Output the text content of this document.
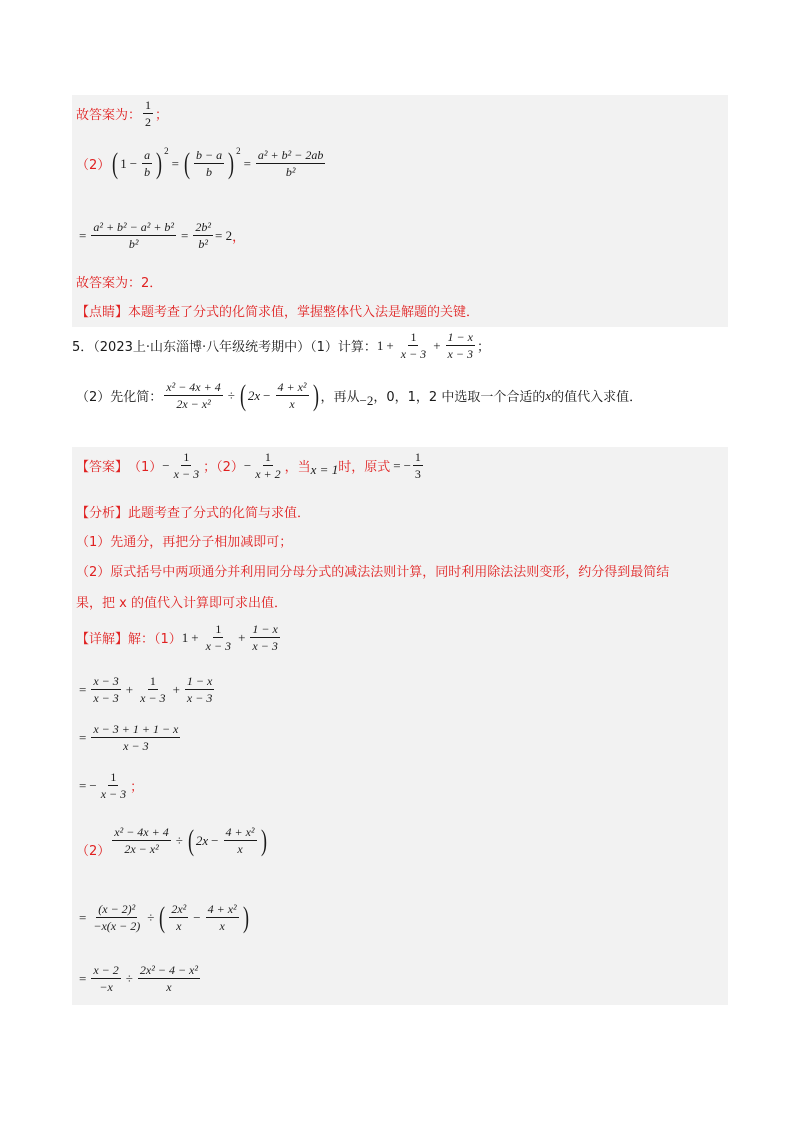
故答案为： $\frac{1}{2}$ ；
（2） ( $1 - \frac{a}{b}$ ) 2
= ( $\frac{b - a}{b}$ ) 2
= $\frac{\text{a² + b² − 2ab}}{\text{b²}}$
= $\frac{\text{a² + b² − a² + b²}}{\text{b²}} = \frac{\text{2b²}}{\text{b²}} = 2$ ，
故答案为：2．
【点睛】本题考查了分式的化简求值，掌握整体代入法是解题的关键．
5．（2023上·山东淄博·八年级统考期中）（1）计算： $1 + \frac{1}{x - 3} + \frac{1 - x}{x - 3}$ ；
（2）先化简： $\frac{\text{x² − 4x + 4}}{\text{2x − x²}}$ ÷ ( $2x - \frac{\text{4 + x²}}{x}$ ) ，再从 −2 ，0，1，2 中选取一个合适的 x 的值代入求值．
【答案】 $(1) - \frac{1}{x - 3}$ ；$(2) - \frac{1}{x + 2}$ ，当 x = 1 时，原式 = − $\frac{1}{3}$
【分析】此题考查了分式的化简与求值．
（1）先通分，再把分子相加减即可；
（2）原式括号中两项通分并利用同分母分式的减法法则计算，同时利用除法法则变形，约分得到最简结
果，把 x 的值代入计算即可求出值．
【详解】解：（1） $1 + \frac{1}{x - 3} + \frac{1 - x}{x - 3}$
= $\frac{x - 3}{x - 3} + \frac{1}{x - 3} + \frac{1 - x}{x - 3}$
= $\frac{x - 3 + 1 + 1 - x}{x - 3}$
= − $\frac{1}{x - 3}$ ；
$(2) \frac{\text{x² − 4x + 4}}{\text{2x − x²}}$ ÷ ( $2x - \frac{\text{4 + x²}}{x}$ )
= $\frac{\text{(x − 2)²}}{-x(x - 2)}$ ÷ ( $\frac{\text{2x²}}{x} - \frac{\text{4 + x²}}{x}$ )
= $\frac{x - 2}{-x} \div \frac{\text{2x² − 4 − x²}}{x}$
